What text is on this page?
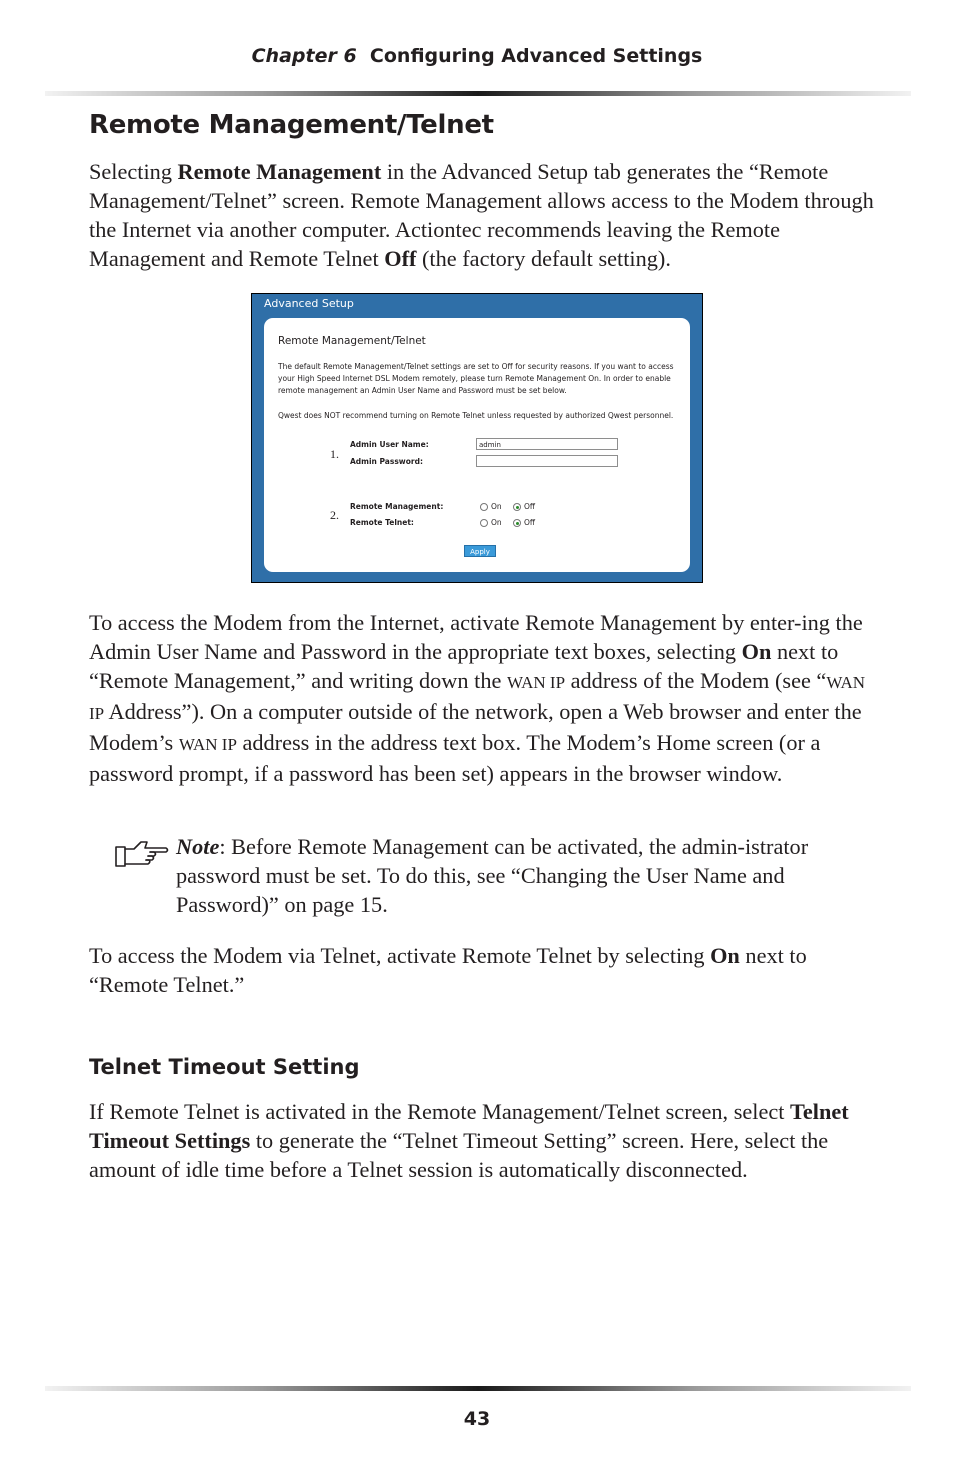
Chapter 6 Configuring Advanced Settings
Remote Management/Telnet

Selecting Remote Management in the Advanced Setup tab generates the “Remote Management/Telnet” screen. Remote Management allows access to the Modem through the Internet via another computer. Actiontec recommends leaving the Remote Management and Remote Telnet Off (the factory default setting).

Advanced Setup
Remote Management/Telnet

The default Remote Management/Telnet settings are set to Off for security reasons. If you want to access your High Speed Internet DSL Modem remotely, please turn Remote Management On. In order to enable remote management an Admin User Name and Password must be set below.

Qwest does NOT recommend turning on Remote Telnet unless requested by authorized Qwest personnel.

1.
Admin User Name:	admin
Admin Password:
2.
Remote Management:	On	Off
Remote Telnet:	On	Off
Apply

To access the Modem from the Internet, activate Remote Management by enter-ing the Admin User Name and Password in the appropriate text boxes, selecting On next to “Remote Management,” and writing down the WAN IP address of the Modem (see “WAN IP Address”). On a computer outside of the network, open a Web browser and enter the Modem’s WAN IP address in the address text box. The Modem’s Home screen (or a password prompt, if a password has been set) appears in the browser window.

Note: Before Remote Management can be activated, the admin-istrator password must be set. To do this, see “Changing the User Name and Password)” on page 15.

To access the Modem via Telnet, activate Remote Telnet by selecting On next to “Remote Telnet.”

Telnet Timeout Setting

If Remote Telnet is activated in the Remote Management/Telnet screen, select Telnet Timeout Settings to generate the “Telnet Timeout Setting” screen. Here, select the amount of idle time before a Telnet session is automatically disconnected.

43
